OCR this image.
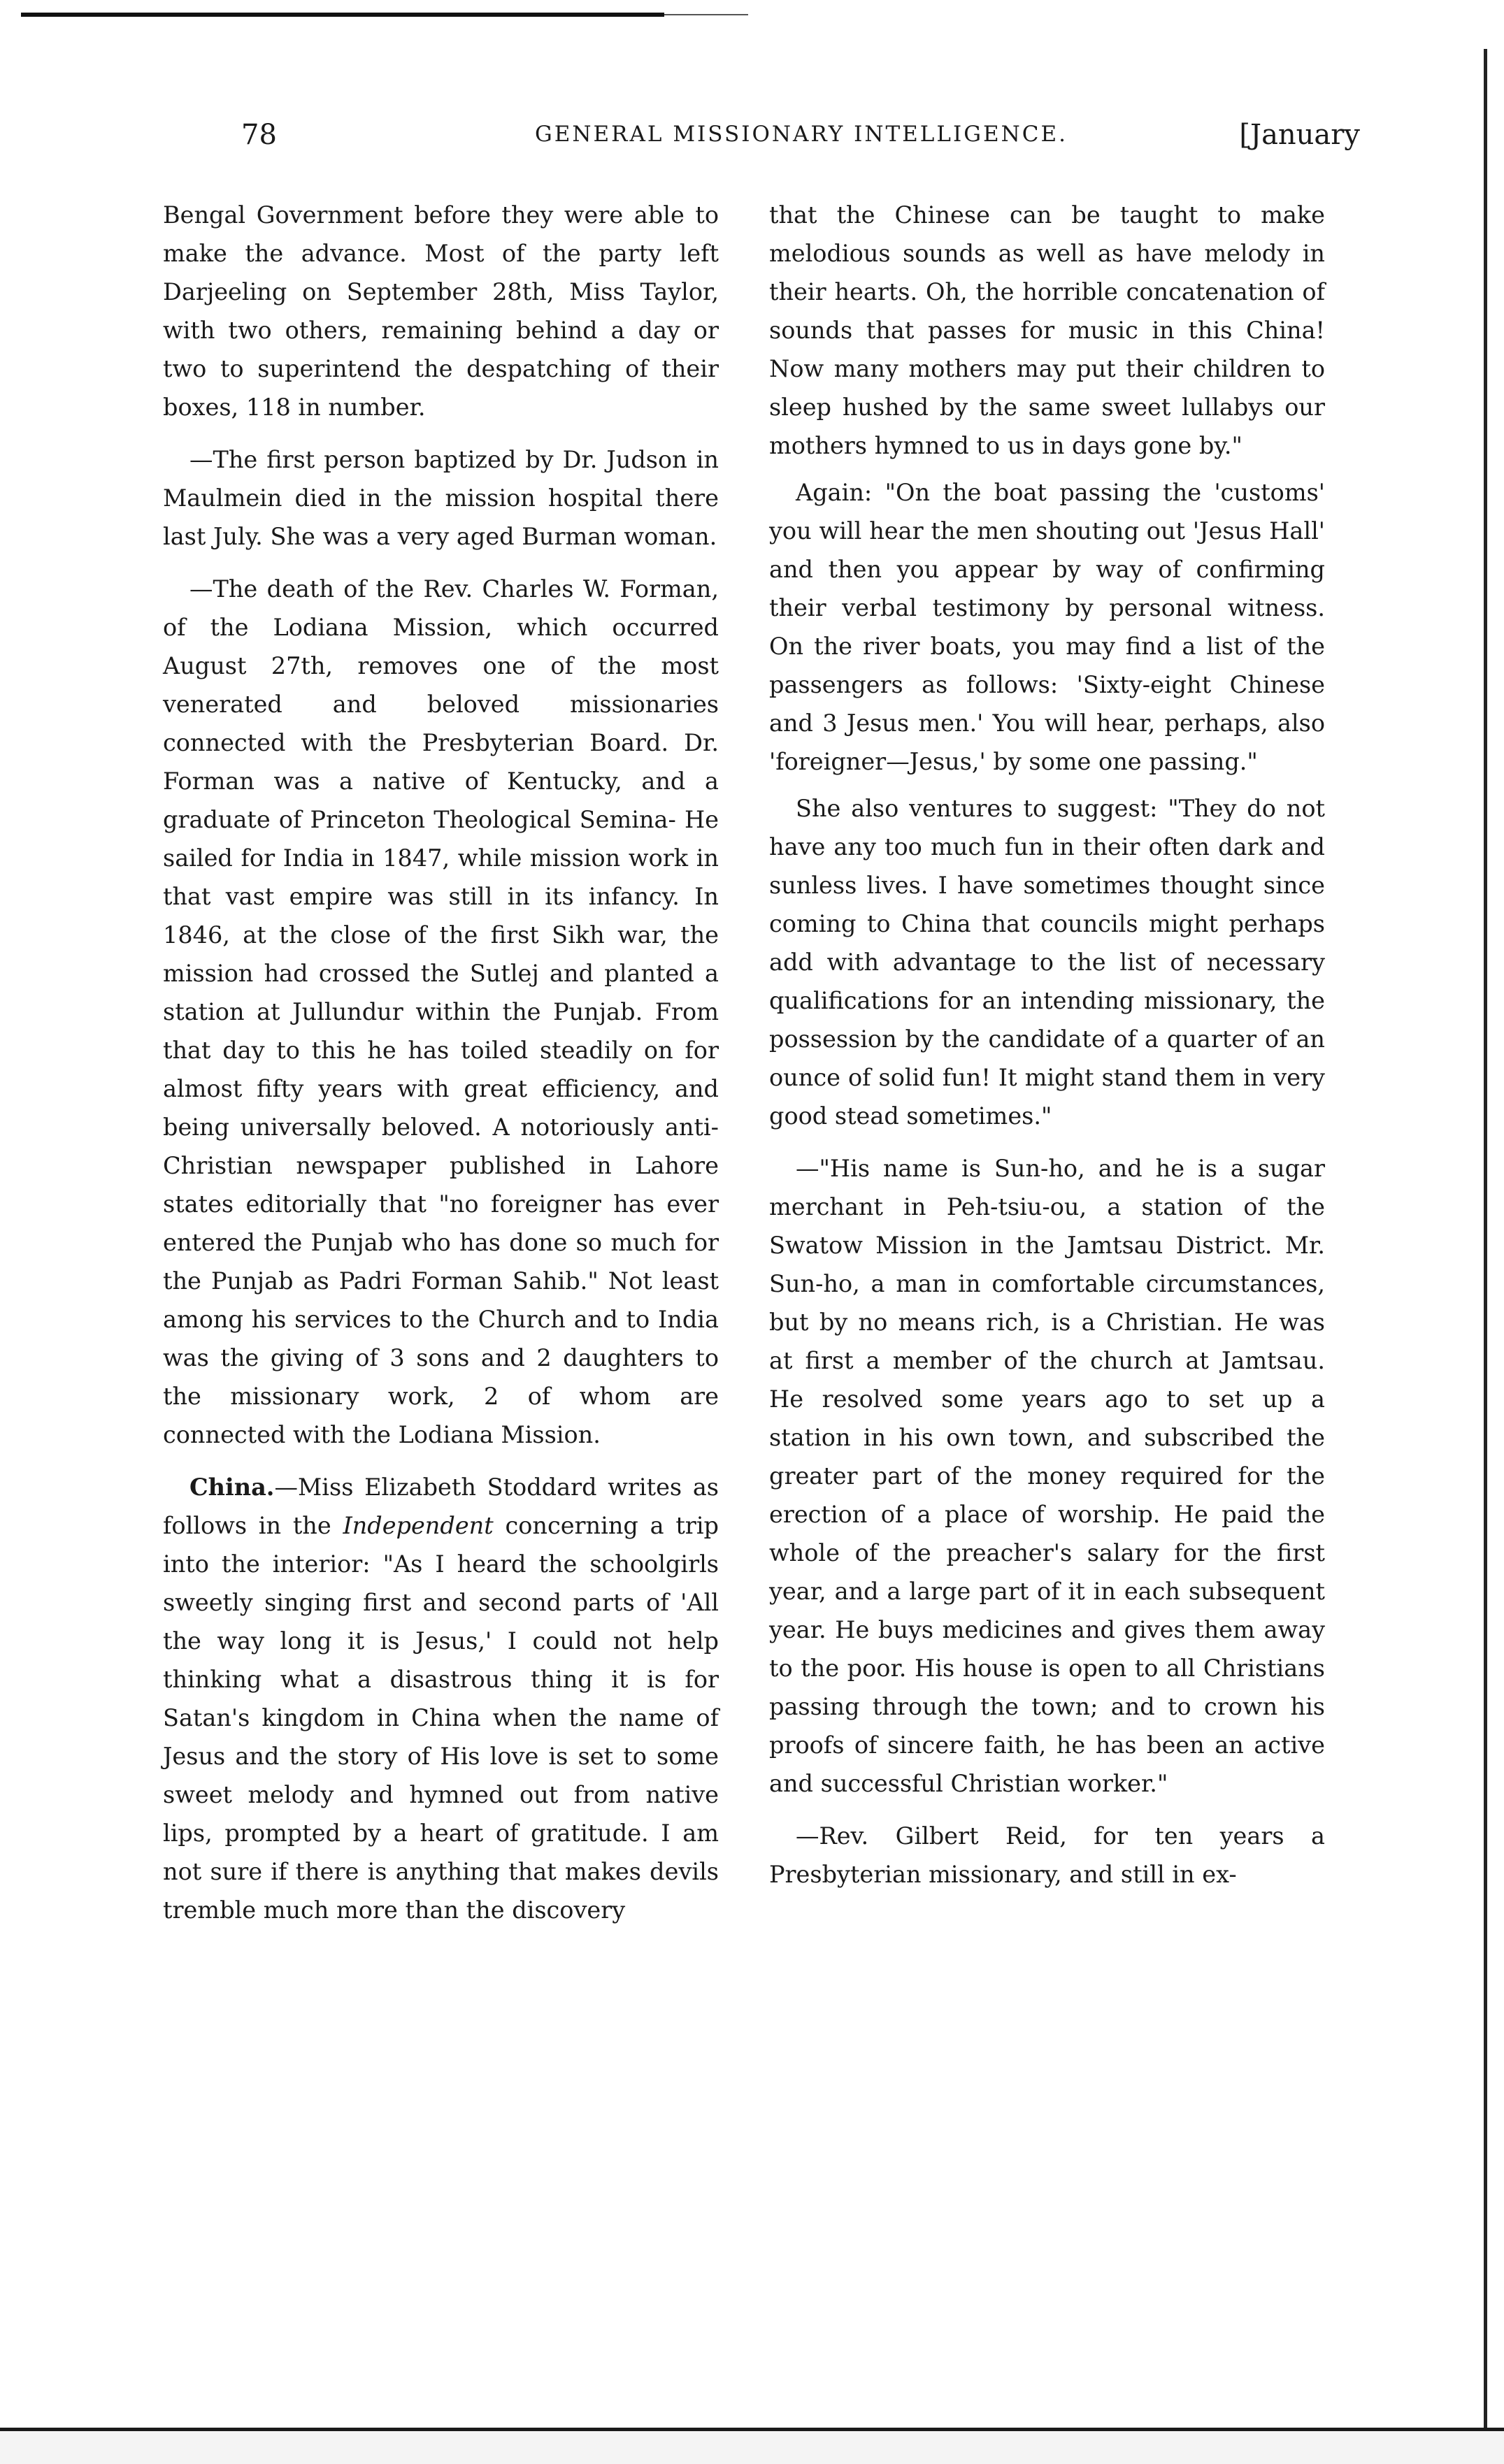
78	GENERAL MISSIONARY INTELLIGENCE.	[January

Bengal Government before they were able to make the advance. Most of the party left Darjeeling on September 28th, Miss Taylor, with two others, remaining behind a day or two to superintend the despatching of their boxes, 118 in number.

—The first person baptized by Dr. Judson in Maulmein died in the mission hospital there last July. She was a very aged Burman woman.

—The death of the Rev. Charles W. Forman, of the Lodiana Mission, which occurred August 27th, removes one of the most venerated and beloved missionaries connected with the Presbyterian Board. Dr. Forman was a native of Kentucky, and a graduate of Princeton Theological Semina- He sailed for India in 1847, while mission work in that vast empire was still in its infancy. In 1846, at the close of the first Sikh war, the mission had crossed the Sutlej and planted a station at Jullundur within the Punjab. From that day to this he has toiled steadily on for almost fifty years with great efficiency, and being universally beloved. A notoriously anti-Christian newspaper published in Lahore states editorially that "no foreigner has ever entered the Punjab who has done so much for the Punjab as Padri Forman Sahib." Not least among his services to the Church and to India was the giving of 3 sons and 2 daughters to the missionary work, 2 of whom are connected with the Lodiana Mission.

China.—Miss Elizabeth Stoddard writes as follows in the Independent concerning a trip into the interior: "As I heard the schoolgirls sweetly singing first and second parts of 'All the way long it is Jesus,' I could not help thinking what a disastrous thing it is for Satan's kingdom in China when the name of Jesus and the story of His love is set to some sweet melody and hymned out from native lips, prompted by a heart of gratitude. I am not sure if there is anything that makes devils tremble much more than the discovery

that the Chinese can be taught to make melodious sounds as well as have melody in their hearts. Oh, the horrible concatenation of sounds that passes for music in this China! Now many mothers may put their children to sleep hushed by the same sweet lullabys our mothers hymned to us in days gone by."

Again: "On the boat passing the 'customs' you will hear the men shouting out 'Jesus Hall' and then you appear by way of confirming their verbal testimony by personal witness. On the river boats, you may find a list of the passengers as follows: 'Sixty-eight Chinese and 3 Jesus men.' You will hear, perhaps, also 'foreigner—Jesus,' by some one passing."

She also ventures to suggest: "They do not have any too much fun in their often dark and sunless lives. I have sometimes thought since coming to China that councils might perhaps add with advantage to the list of necessary qualifications for an intending missionary, the possession by the candidate of a quarter of an ounce of solid fun! It might stand them in very good stead sometimes."

—"His name is Sun-ho, and he is a sugar merchant in Peh-tsiu-ou, a station of the Swatow Mission in the Jamtsau District. Mr. Sun-ho, a man in comfortable circumstances, but by no means rich, is a Christian. He was at first a member of the church at Jamtsau. He resolved some years ago to set up a station in his own town, and subscribed the greater part of the money required for the erection of a place of worship. He paid the whole of the preacher's salary for the first year, and a large part of it in each subsequent year. He buys medicines and gives them away to the poor. His house is open to all Christians passing through the town; and to crown his proofs of sincere faith, he has been an active and successful Christian worker."

—Rev. Gilbert Reid, for ten years a Presbyterian missionary, and still in ex-
